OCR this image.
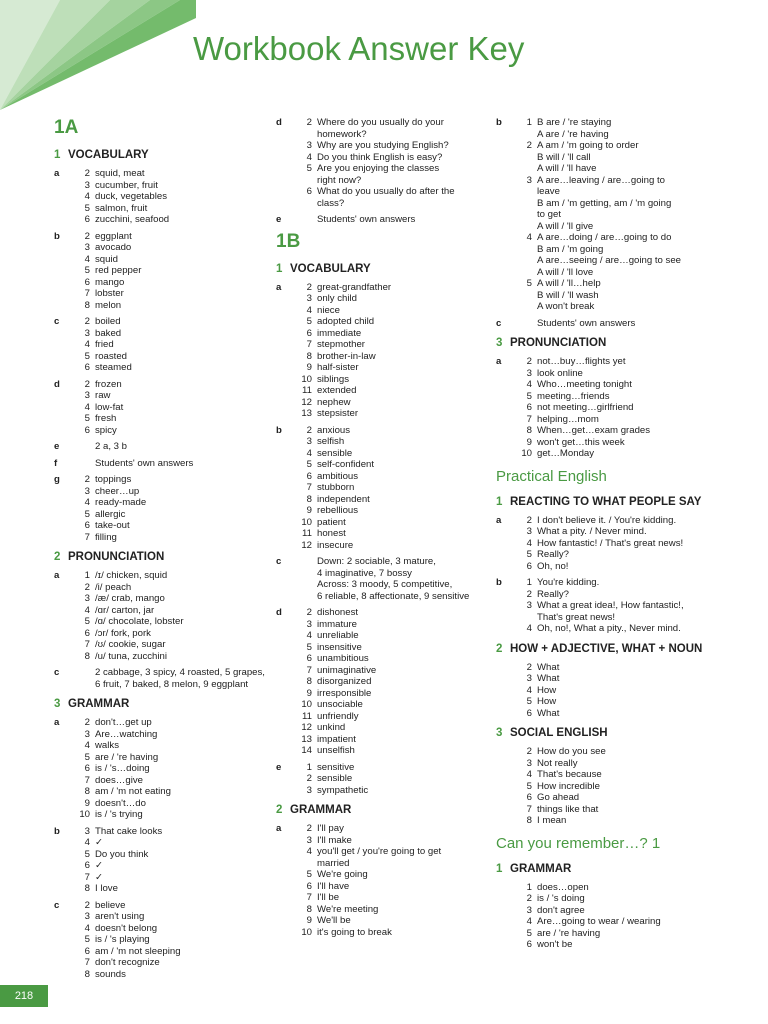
Workbook Answer Key
1A
1 VOCABULARY
a	2 squid, meat
3 cucumber, fruit
4 duck, vegetables
5 salmon, fruit
6 zucchini, seafood
b	2 eggplant
3 avocado
4 squid
5 red pepper
6 mango
7 lobster
8 melon
c	2 boiled
3 baked
4 fried
5 roasted
6 steamed
d	2 frozen
3 raw
4 low-fat
5 fresh
6 spicy
e	2 a, 3 b
f	Students' own answers
g	2 toppings
3 cheer…up
4 ready-made
5 allergic
6 take-out
7 filling
2 PRONUNCIATION
a	1 /ɪ/ chicken, squid
2 /i/ peach
3 /æ/ crab, mango
4 /ɑr/ carton, jar
5 /ɑ/ chocolate, lobster
6 /ɔr/ fork, pork
7 /ʊ/ cookie, sugar
8 /u/ tuna, zucchini
c	2 cabbage, 3 spicy, 4 roasted, 5 grapes,
6 fruit, 7 baked, 8 melon, 9 eggplant
3 GRAMMAR
a	2 don't…get up
3 Are…watching
4 walks
5 are / 're having
6 is / 's…doing
7 does…give
8 am / 'm not eating
9 doesn't…do
10 is / 's trying
b	3 That cake looks
4 ✓
5 Do you think
6 ✓
7 ✓
8 I love
c	2 believe
3 aren't using
4 doesn't belong
5 is / 's playing
6 am / 'm not sleeping
7 don't recognize
8 sounds
d	2 Where do you usually do your
homework?
3 Why are you studying English?
4 Do you think English is easy?
5 Are you enjoying the classes
right now?
6 What do you usually do after the
class?
e	Students' own answers
1B
1 VOCABULARY
a	2 great-grandfather
3 only child
4 niece
5 adopted child
6 immediate
7 stepmother
8 brother-in-law
9 half-sister
10 siblings
11 extended
12 nephew
13 stepsister
b	2 anxious
3 selfish
4 sensible
5 self-confident
6 ambitious
7 stubborn
8 independent
9 rebellious
10 patient
11 honest
12 insecure
c	Down: 2 sociable, 3 mature,
4 imaginative, 7 bossy
Across: 3 moody, 5 competitive,
6 reliable, 8 affectionate, 9 sensitive
d	2 dishonest
3 immature
4 unreliable
5 insensitive
6 unambitious
7 unimaginative
8 disorganized
9 irresponsible
10 unsociable
11 unfriendly
12 unkind
13 impatient
14 unselfish
e	1 sensitive
2 sensible
3 sympathetic
2 GRAMMAR
a	2 I'll pay
3 I'll make
4 you'll get / you're going to get
married
5 We're going
6 I'll have
7 I'll be
8 We're meeting
9 We'll be
10 it's going to break
b	1 B are / 're staying
A are / 're having
2 A am / 'm going to order
B will / 'll call
A will / 'll have
3 A are…leaving / are…going to
leave
B am / 'm getting, am / 'm going
to get
A will / 'll give
4 A are…doing / are…going to do
B am / 'm going
A are…seeing / are…going to see
A will / 'll love
5 A will / 'll…help
B will / 'll wash
A won't break
c	Students' own answers
3 PRONUNCIATION
a	2 not…buy…flights yet
3 look online
4 Who…meeting tonight
5 meeting…friends
6 not meeting…girlfriend
7 helping…mom
8 When…get…exam grades
9 won't get…this week
10 get…Monday
Practical English
1 REACTING TO WHAT PEOPLE SAY
a	2 I don't believe it. / You're kidding.
3 What a pity. / Never mind.
4 How fantastic! / That's great news!
5 Really?
6 Oh, no!
b	1 You're kidding.
2 Really?
3 What a great idea!, How fantastic!,
That's great news!
4 Oh, no!, What a pity., Never mind.
2 HOW + ADJECTIVE, WHAT + NOUN
2 What
3 What
4 How
5 How
6 What
3 SOCIAL ENGLISH
2 How do you see
3 Not really
4 That's because
5 How incredible
6 Go ahead
7 things like that
8 I mean
Can you remember…? 1
1 GRAMMAR
1 does…open
2 is / 's doing
3 don't agree
4 Are…going to wear / wearing
5 are / 're having
6 won't be
218
